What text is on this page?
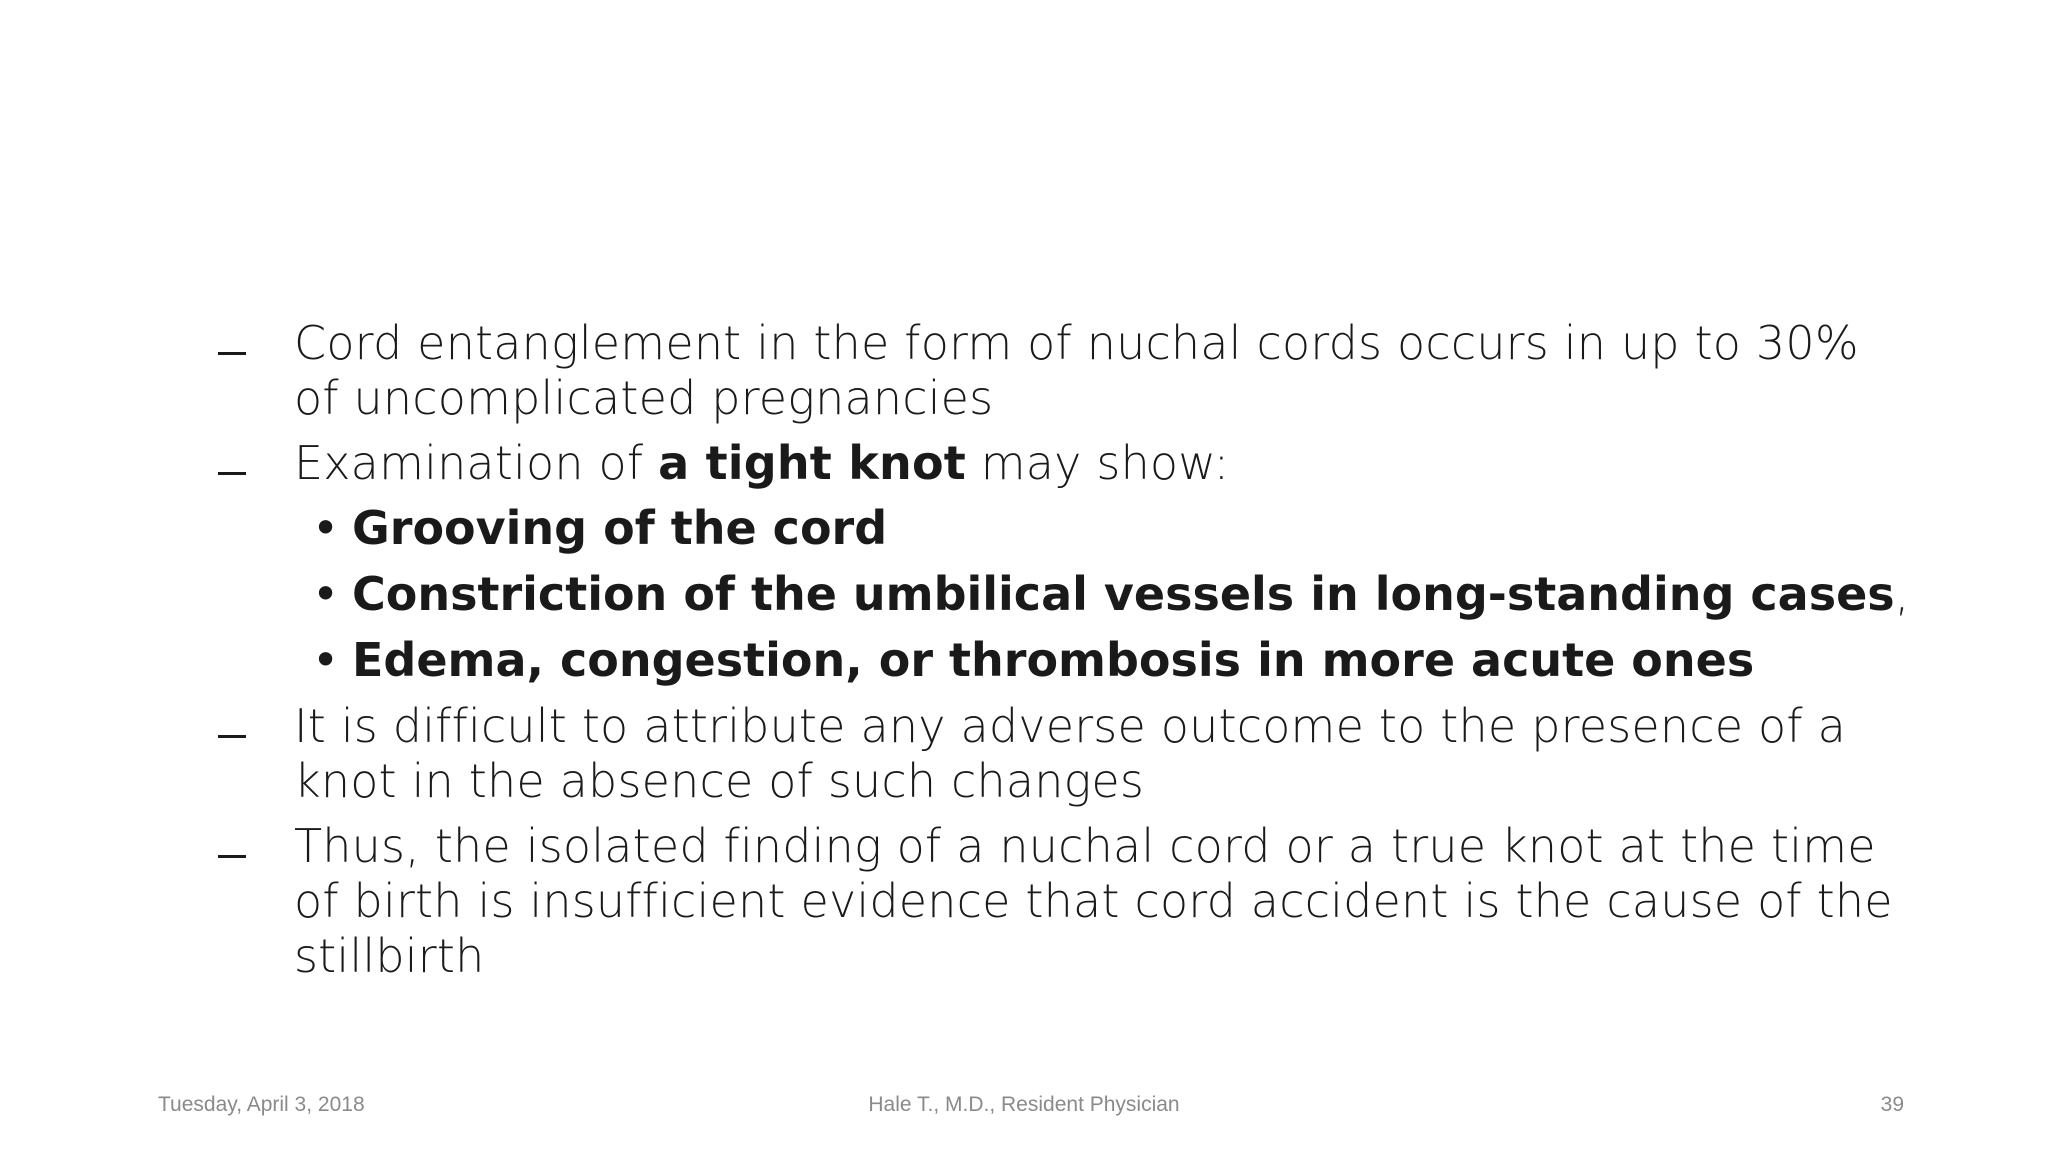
Cord entanglement in the form of nuchal cords occurs in up to 30% of uncomplicated pregnancies
Examination of a tight knot may show:
• Grooving of the cord
• Constriction of the umbilical vessels in long-standing cases,
• Edema, congestion, or thrombosis in more acute ones
It is difficult to attribute any adverse outcome to the presence of a knot in the absence of such changes
Thus, the isolated finding of a nuchal cord or a true knot at the time of birth is insufficient evidence that cord accident is the cause of the stillbirth
Tuesday, April 3, 2018	Hale T., M.D., Resident Physician	39
